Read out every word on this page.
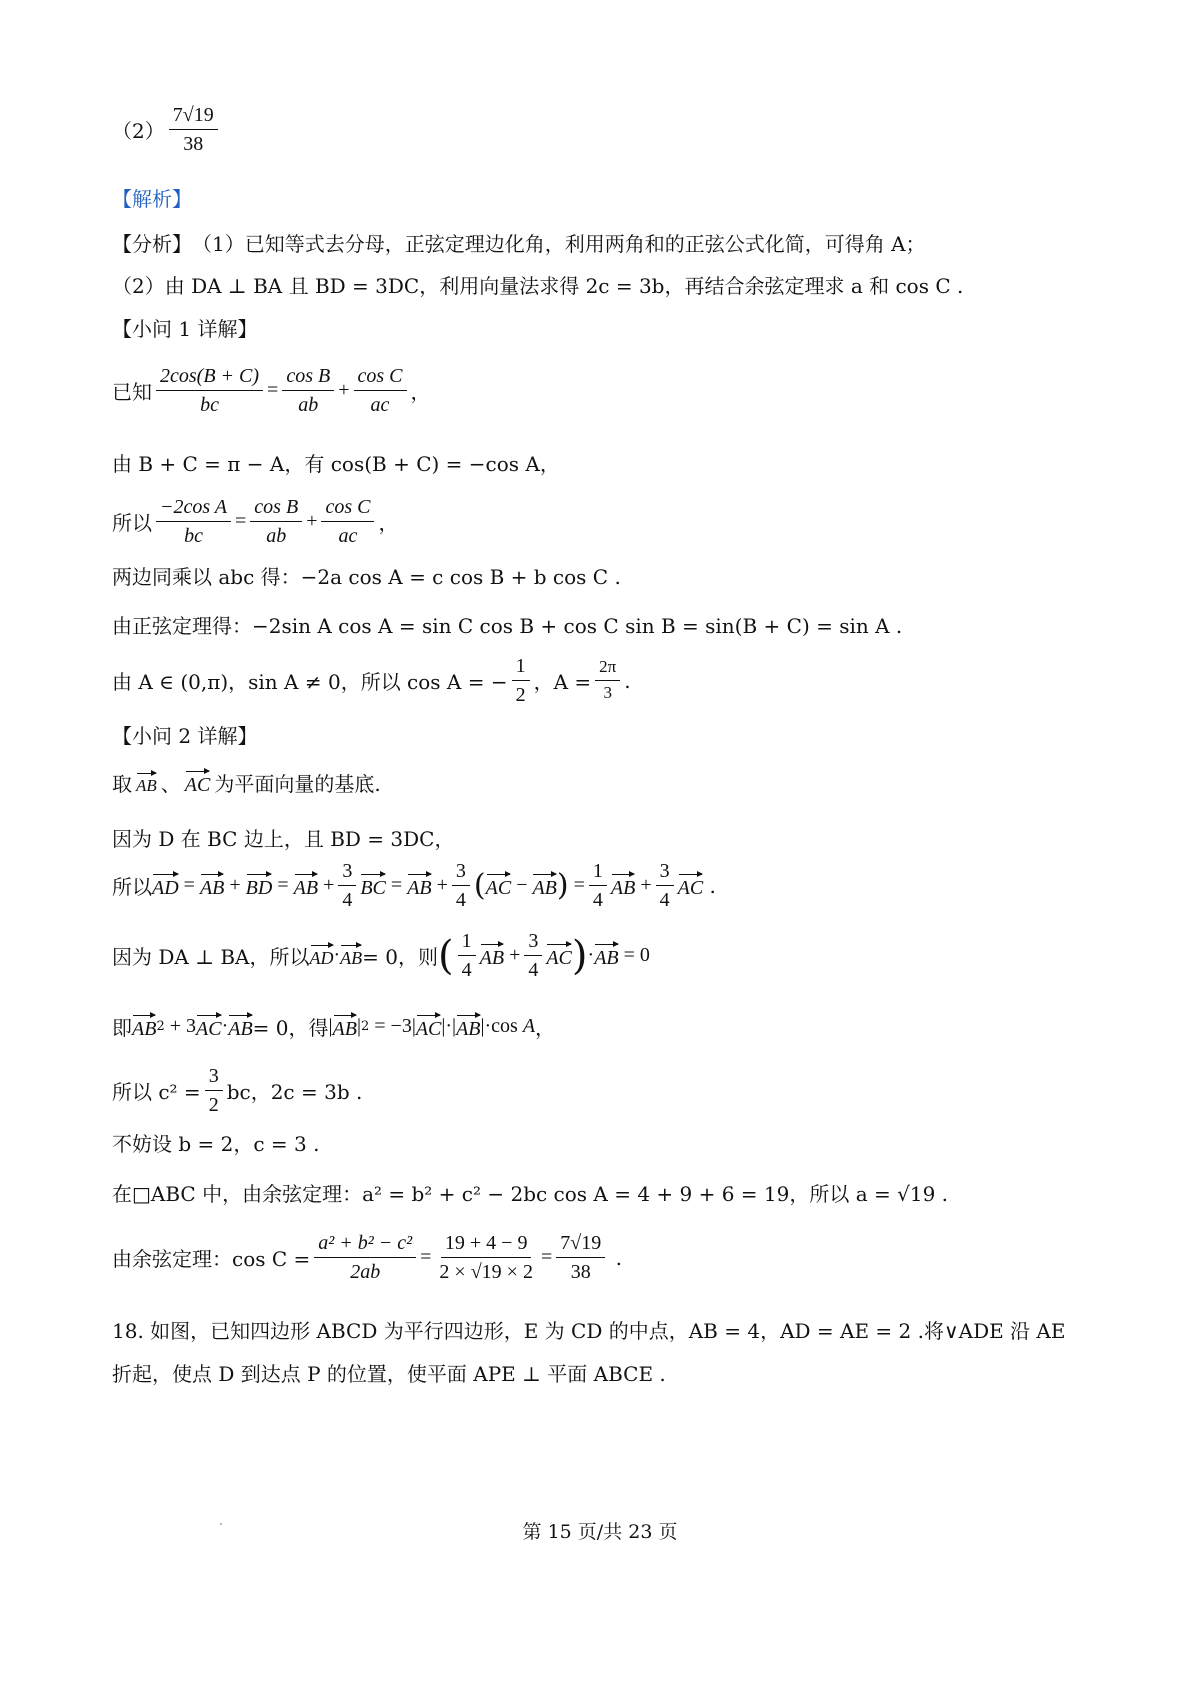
$(2) \frac{7√19}{38}$
【解析】
【分析】 （1）已知等式去分母，正弦定理边化角，利用两角和的正弦公式化简，可得角 A；
（2）由 DA ⊥ BA 且 BD = 3DC，利用向量法求得 2c = 3b，再结合余弦定理求 a 和 cos C .
【小问 1 详解】
已知 $\frac{2\cos(B + C)}{bc} = \frac{\text{cos B}}{ab} + \frac{\text{cos C}}{ac}$ ，
由 B + C = π − A，有 cos(B + C) = −cos A，
所以 $\frac{\text{−2cos A}}{bc} = \frac{\text{cos B}}{ab} + \frac{\text{cos C}}{ac}$ ，
两边同乘以 abc 得：−2a cos A = c cos B + b cos C .
由正弦定理得：−2sin A cos A = sin C cos B + cos C sin B = sin(B + C) = sin A .
由 A ∈ (0,π)，sin A ≠ 0，所以 cos A = − $\frac{1}{2}$ ，$A = \frac{2\pi}{3}$ .
【小问 2 详解】
取 AB 、 AC 为平面向量的基底.
因为 D 在 BC 边上，且 BD = 3DC，
所以 AD = AB + BD = AB + $\frac{3}{4}$ BC = AB + $\frac{3}{4}$ ( AC − AB ) = $\frac{1}{4}$ AB + $\frac{3}{4}$ AC .
因为 DA ⊥ BA，所以 AD · AB = 0，则 ( $\frac{1}{4}$ AB + $\frac{3}{4}$ AC ) · AB = 0
即 AB 2 + 3 AC · AB = 0，得 | AB | 2 = −3| AC |·| AB |·cos A ，
所以 $c^2 = \frac{3}{2}$ bc，2c = 3b .
不妨设 b = 2，c = 3 .
在□ABC 中，由余弦定理：a² = b² + c² − 2bc cos A = 4 + 9 + 6 = 19，所以 a = √19 .
由余弦定理：$\cos C = \frac{\text{a² + b² − c²}}{2ab} = \frac{19 + 4 - 9}{2 \times √19 \times 2} = \frac{7√19}{38}$ .
18. 如图，已知四边形 ABCD 为平行四边形，E 为 CD 的中点，AB = 4，AD = AE = 2 .将∨ADE 沿 AE
折起，使点 D 到达点 P 的位置，使平面 APE ⊥ 平面 ABCE .
第 15 页/共 23 页
